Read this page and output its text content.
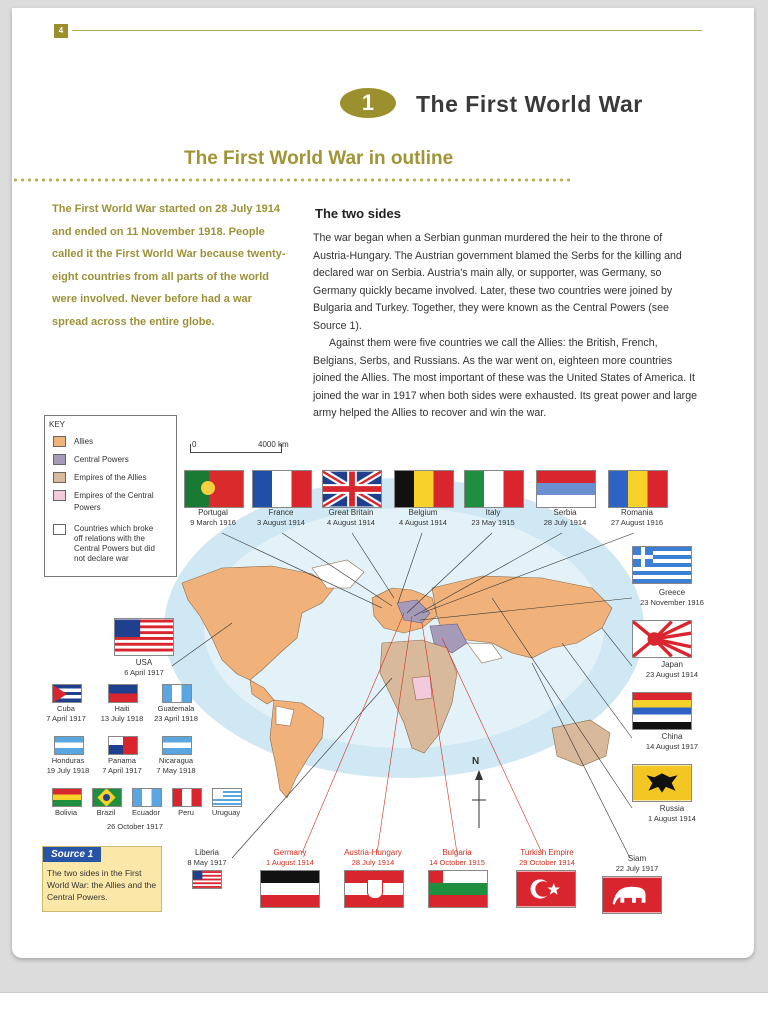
4
1	The First World War
The First World War in outline
The First World War started on 28 July 1914 and ended on 11 November 1918. People called it the First World War because twenty-eight countries from all parts of the world were involved. Never before had a war spread across the entire globe.
The two sides

The war began when a Serbian gunman murdered the heir to the throne of Austria-Hungary. The Austrian government blamed the Serbs for the killing and declared war on Serbia. Austria's main ally, or supporter, was Germany, so Germany quickly became involved. Later, these two countries were joined by Bulgaria and Turkey. Together, they were known as the Central Powers (see Source 1).

Against them were five countries we call the Allies: the British, French, Belgians, Serbs, and Russians. As the war went on, eighteen more countries joined the Allies. The most important of these was the United States of America. It joined the war in 1917 when both sides were exhausted. Its great power and large army helped the Allies to recover and win the war.

N
KEY
Allies
Central Powers
Empires of the Allies
Empires of the Central Powers
Countries which broke off relations with the Central Powers but did not declare war
0	4000 km
Portugal
9 March 1916
France
3 August 1914
Great Britain
4 August 1914
Belgium
4 August 1914
Italy
23 May 1915
Serbia
28 July 1914
Romania
27 August 1916
Greece
23 November 1916
Japan
23 August 1914
China
14 August 1917
Russia
1 August 1914
Siam
22 July 1917
USA
6 April 1917
Cuba
7 April 1917
Haiti
13 July 1918
Guatemala
23 April 1918
Honduras
19 July 1918
Panama
7 April 1917
Nicaragua
7 May 1918
Bolivia	Brazil	Ecuador	Peru	Uruguay
26 October 1917
Liberia
8 May 1917
Germany
1 August 1914
Austria-Hungary
28 July 1914
Bulgaria
14 October 1915
Turkish Empire
29 October 1914
Source 1
The two sides in the First World War: the Allies and the Central Powers.
